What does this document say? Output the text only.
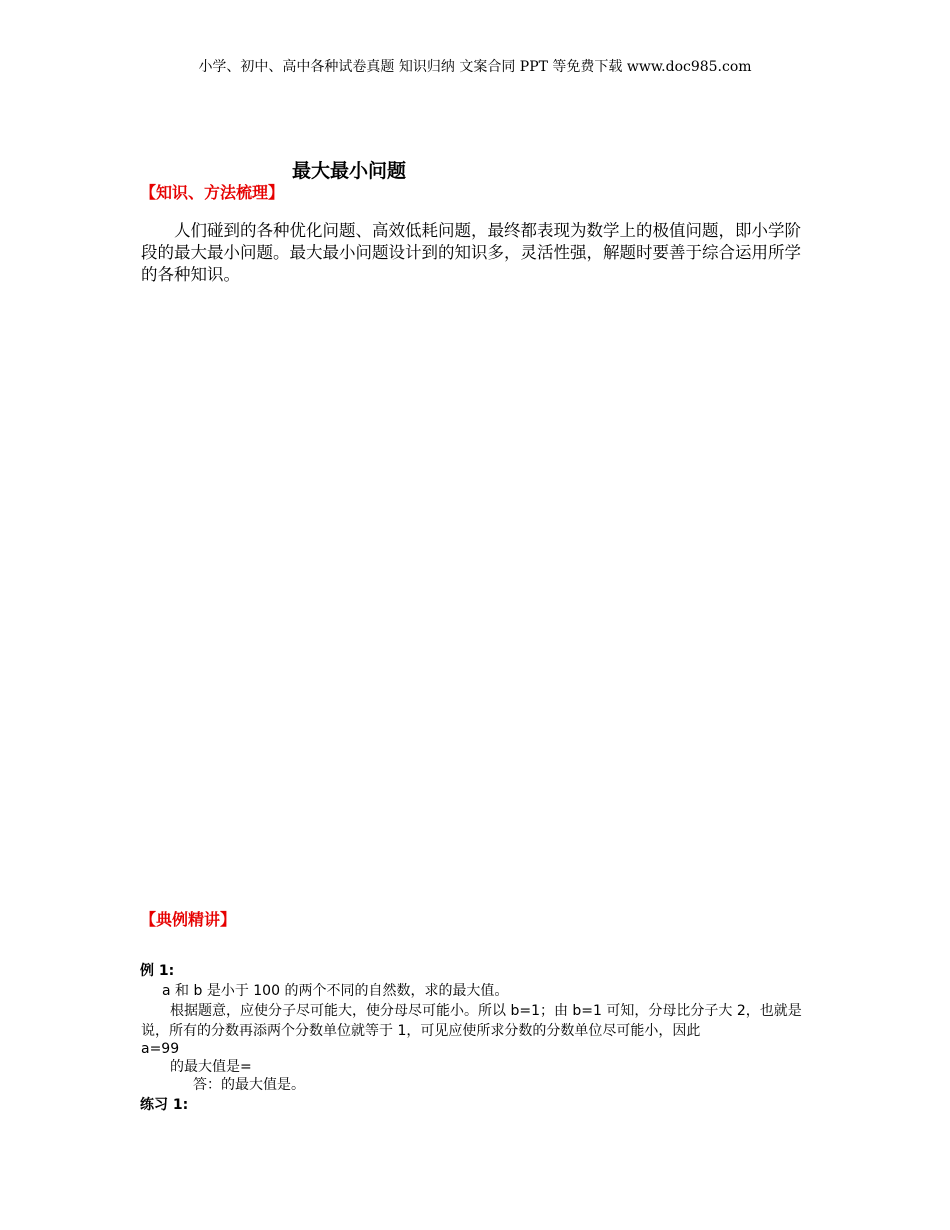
小学、初中、高中各种试卷真题 知识归纳 文案合同 PPT 等免费下载 www.doc985.com
最大最小问题
【知识、方法梳理】

人们碰到的各种优化问题、高效低耗问题，最终都表现为数学上的极值问题，即小学阶段的最大最小问题。最大最小问题设计到的知识多，灵活性强，解题时要善于综合运用所学的各种知识。

【典例精讲】
例 1:
a 和 b 是小于 100 的两个不同的自然数，求的最大值。
根据题意，应使分子尽可能大，使分母尽可能小。所以 b=1；由 b=1 可知，分母比分子大 2，也就是说，所有的分数再添两个分数单位就等于 1，可见应使所求分数的分数单位尽可能小，因此
a=99
的最大值是=
答：的最大值是。
练习 1:
